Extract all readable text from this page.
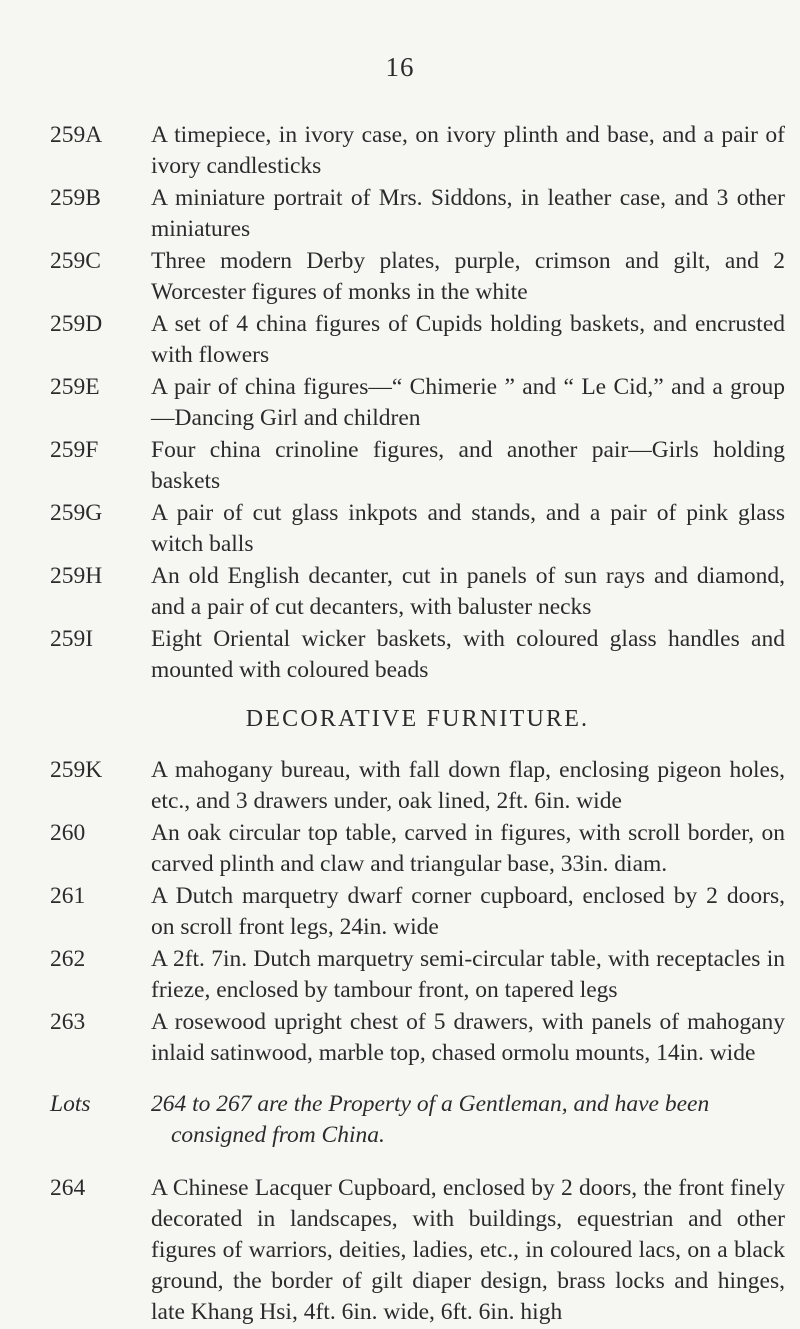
16
259A	A timepiece, in ivory case, on ivory plinth and base, and a pair of ivory candlesticks
259B	A miniature portrait of Mrs. Siddons, in leather case, and 3 other miniatures
259C	Three modern Derby plates, purple, crimson and gilt, and 2 Worcester figures of monks in the white
259D	A set of 4 china figures of Cupids holding baskets, and encrusted with flowers
259E	A pair of china figures—“ Chimerie ” and “ Le Cid,” and a group—Dancing Girl and children
259F	Four china crinoline figures, and another pair—Girls holding baskets
259G	A pair of cut glass inkpots and stands, and a pair of pink glass witch balls
259H	An old English decanter, cut in panels of sun rays and diamond, and a pair of cut decanters, with baluster necks
259I	Eight Oriental wicker baskets, with coloured glass handles and mounted with coloured beads
DECORATIVE FURNITURE.
259K	A mahogany bureau, with fall down flap, enclosing pigeon holes, etc., and 3 drawers under, oak lined, 2ft. 6in. wide
260	An oak circular top table, carved in figures, with scroll border, on carved plinth and claw and triangular base, 33in. diam.
261	A Dutch marquetry dwarf corner cupboard, enclosed by 2 doors, on scroll front legs, 24in. wide
262	A 2ft. 7in. Dutch marquetry semi-circular table, with receptacles in frieze, enclosed by tambour front, on tapered legs
263	A rosewood upright chest of 5 drawers, with panels of mahogany inlaid satinwood, marble top, chased ormolu mounts, 14in. wide
Lots	264 to 267 are the Property of a Gentleman, and have been
consigned from China.
264	A Chinese Lacquer Cupboard, enclosed by 2 doors, the front finely decorated in landscapes, with buildings, equestrian and other figures of warriors, deities, ladies, etc., in coloured lacs, on a black ground, the border of gilt diaper design, brass locks and hinges, late Khang Hsi, 4ft. 6in. wide, 6ft. 6in. high
